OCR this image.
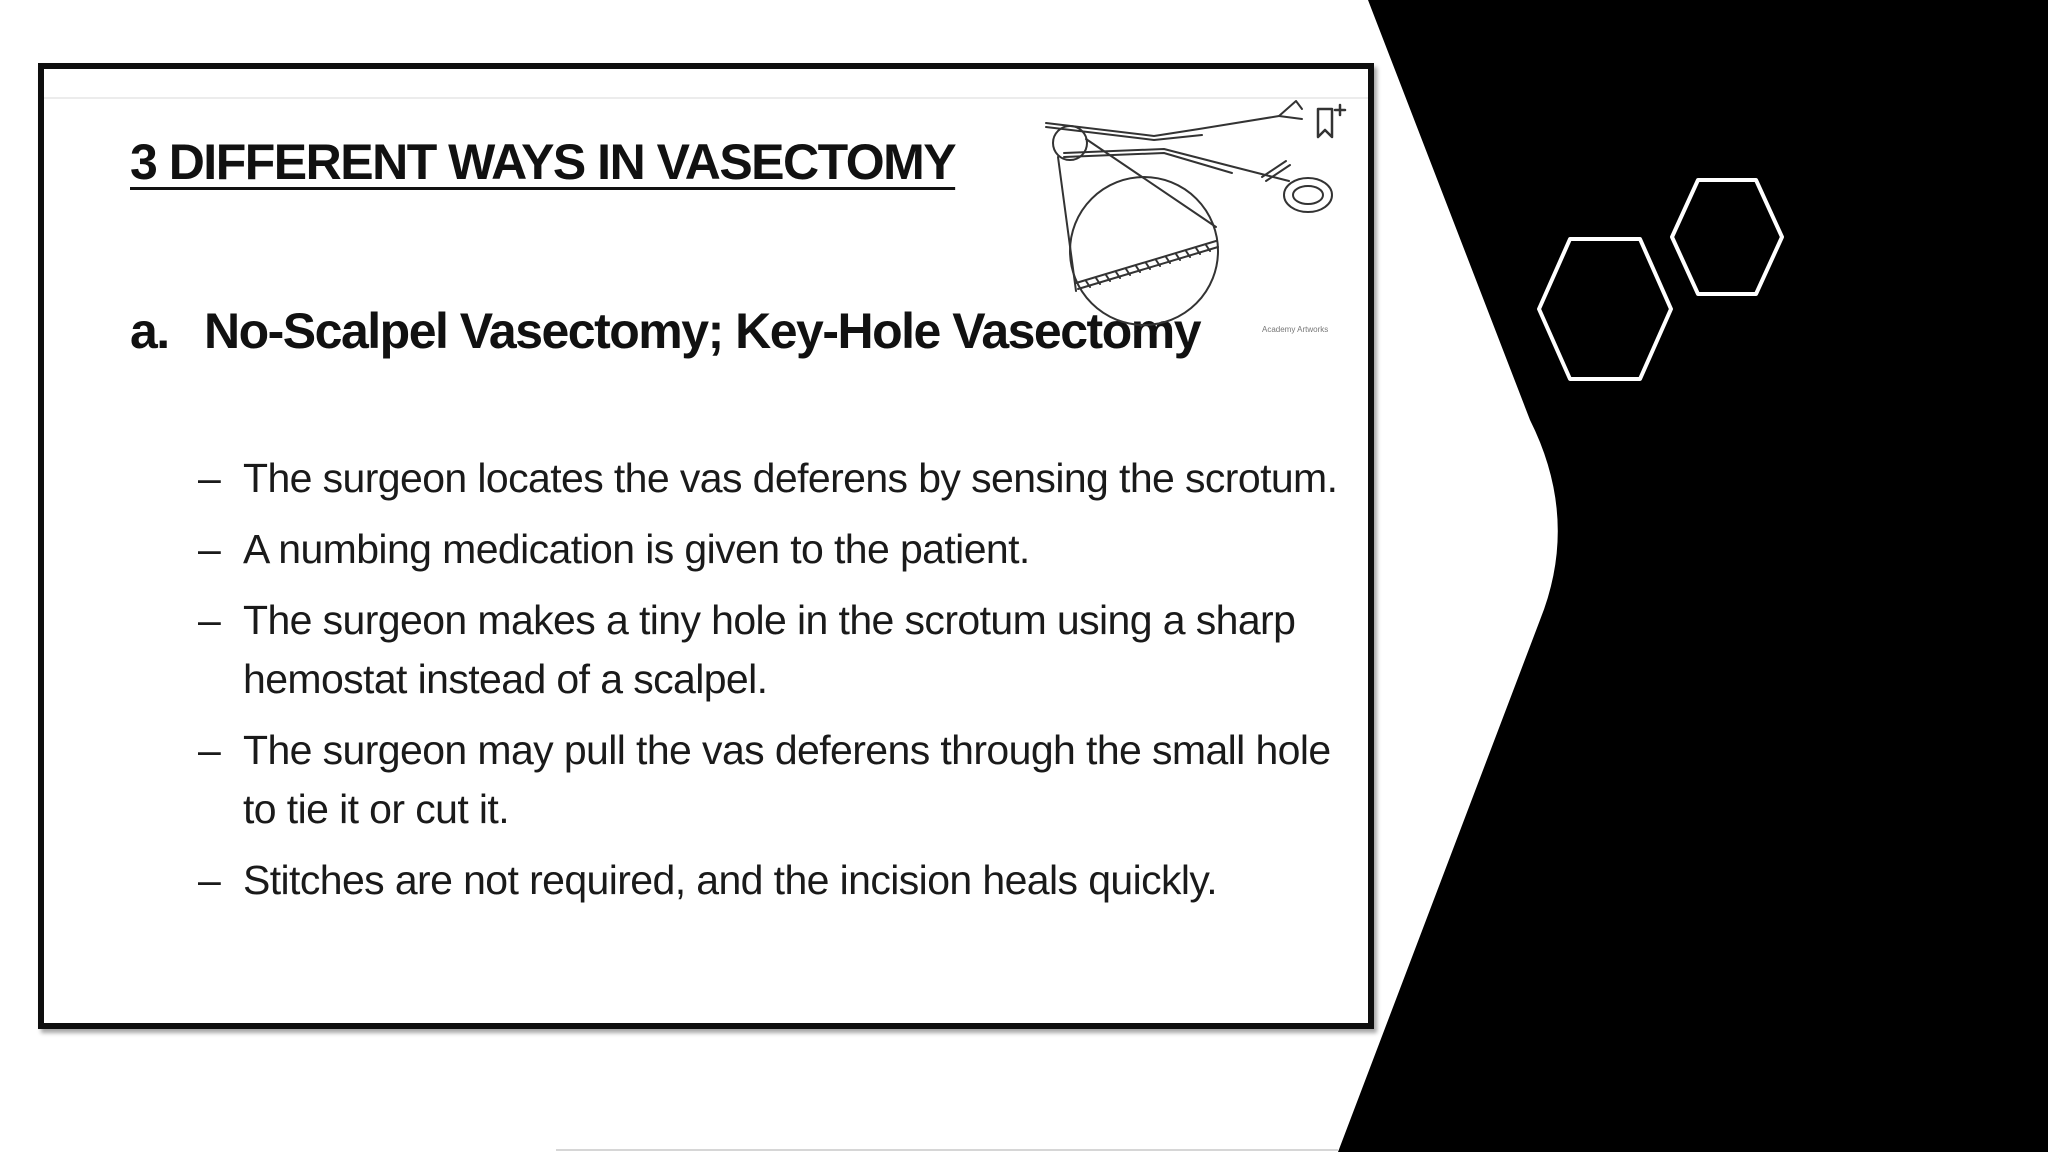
3 DIFFERENT WAYS IN VASECTOMY
a. No-Scalpel Vasectomy; Key-Hole Vasectomy
– The surgeon locates the vas deferens by sensing the scrotum.
– A numbing medication is given to the patient.
– The surgeon makes a tiny hole in the scrotum using a sharp hemostat instead of a scalpel.
– The surgeon may pull the vas deferens through the small hole to tie it or cut it.
– Stitches are not required, and the incision heals quickly.
Academy Artworks
